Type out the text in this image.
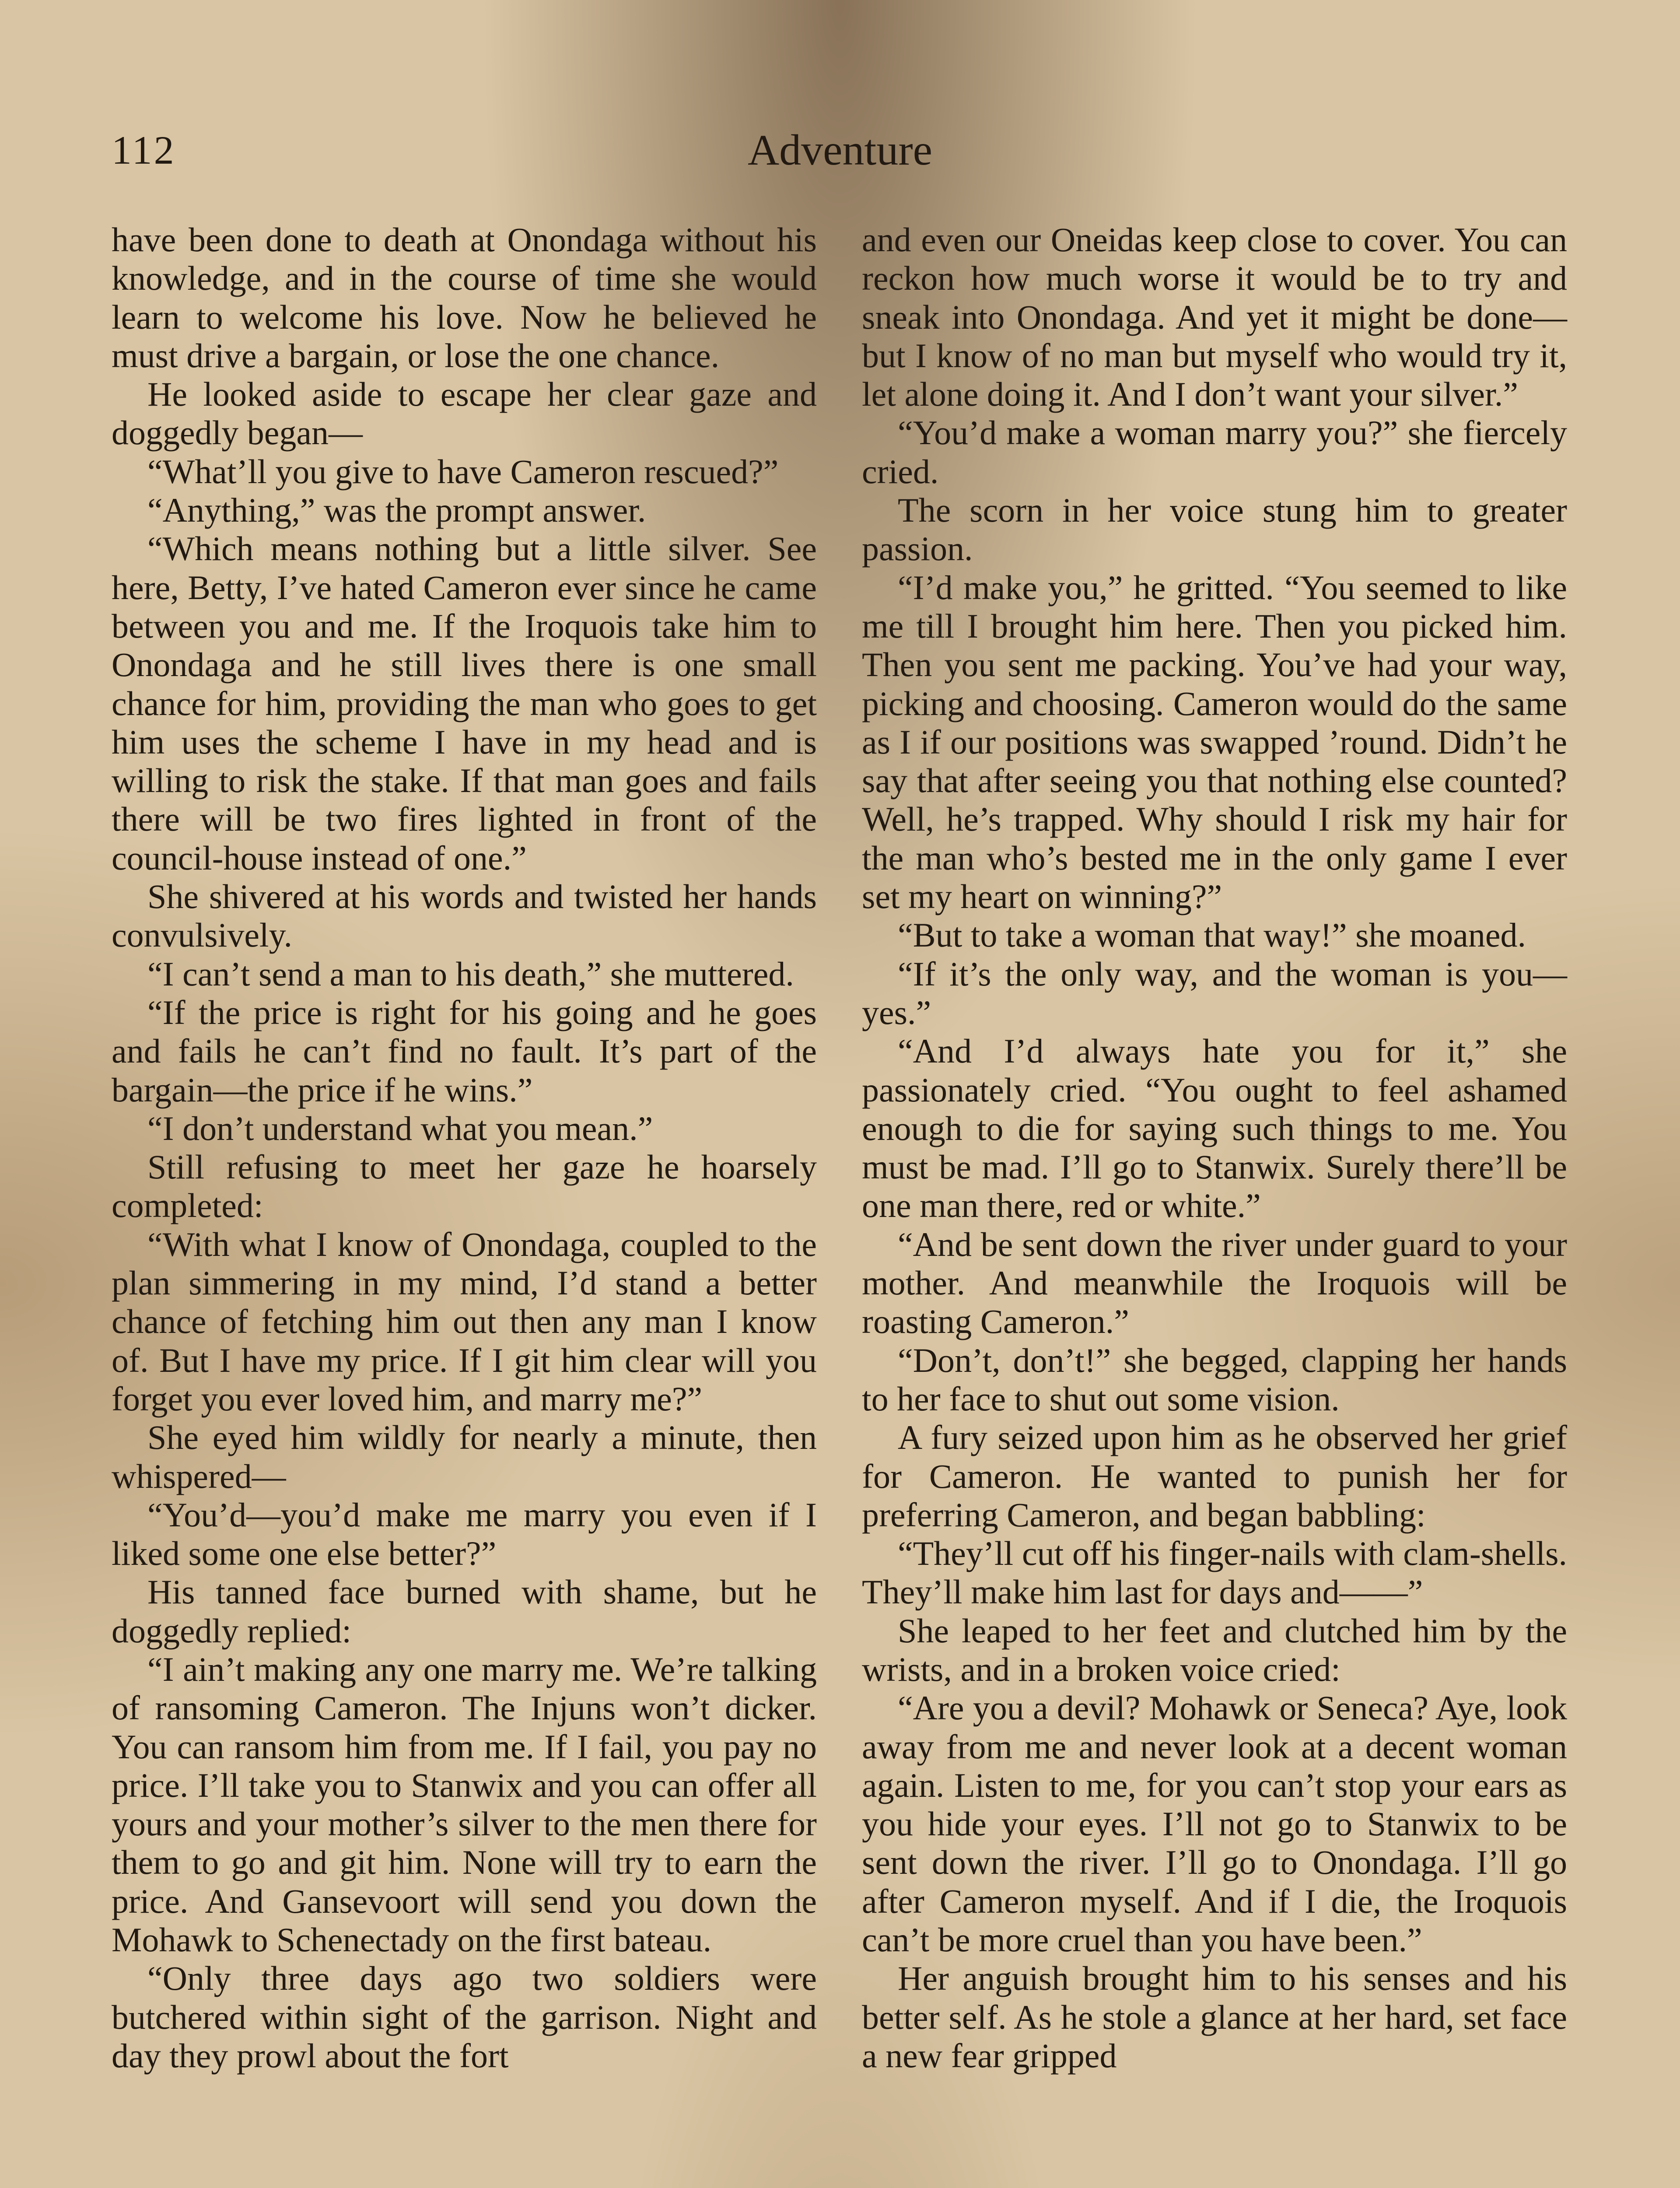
112	Adventure

have been done to death at Onondaga without his knowledge, and in the course of time she would learn to welcome his love. Now he believed he must drive a bargain, or lose the one chance.

He looked aside to escape her clear gaze and doggedly began—

“What’ll you give to have Cameron rescued?”

“Anything,” was the prompt answer.

“Which means nothing but a little silver. See here, Betty, I’ve hated Cameron ever since he came between you and me. If the Iroquois take him to Onondaga and he still lives there is one small chance for him, providing the man who goes to get him uses the scheme I have in my head and is willing to risk the stake. If that man goes and fails there will be two fires lighted in front of the council-house instead of one.”

She shivered at his words and twisted her hands convulsively.

“I can’t send a man to his death,” she muttered.

“If the price is right for his going and he goes and fails he can’t find no fault. It’s part of the bargain—the price if he wins.”

“I don’t understand what you mean.”

Still refusing to meet her gaze he hoarsely completed:

“With what I know of Onondaga, coupled to the plan simmering in my mind, I’d stand a better chance of fetching him out then any man I know of. But I have my price. If I git him clear will you forget you ever loved him, and marry me?”

She eyed him wildly for nearly a minute, then whispered—

“You’d—you’d make me marry you even if I liked some one else better?”

His tanned face burned with shame, but he doggedly replied:

“I ain’t making any one marry me. We’re talking of ransoming Cameron. The Injuns won’t dicker. You can ransom him from me. If I fail, you pay no price. I’ll take you to Stanwix and you can offer all yours and your mother’s silver to the men there for them to go and git him. None will try to earn the price. And Gansevoort will send you down the Mohawk to Schenectady on the first bateau.

“Only three days ago two soldiers were butchered within sight of the garrison. Night and day they prowl about the fort

and even our Oneidas keep close to cover. You can reckon how much worse it would be to try and sneak into Onondaga. And yet it might be done—but I know of no man but myself who would try it, let alone doing it. And I don’t want your silver.”

“You’d make a woman marry you?” she fiercely cried.

The scorn in her voice stung him to greater passion.

“I’d make you,” he gritted. “You seemed to like me till I brought him here. Then you picked him. Then you sent me packing. You’ve had your way, picking and choosing. Cameron would do the same as I if our positions was swapped ’round. Didn’t he say that after seeing you that nothing else counted? Well, he’s trapped. Why should I risk my hair for the man who’s bested me in the only game I ever set my heart on winning?”

“But to take a woman that way!” she moaned.

“If it’s the only way, and the woman is you—yes.”

“And I’d always hate you for it,” she passionately cried. “You ought to feel ashamed enough to die for saying such things to me. You must be mad. I’ll go to Stanwix. Surely there’ll be one man there, red or white.”

“And be sent down the river under guard to your mother. And meanwhile the Iroquois will be roasting Cameron.”

“Don’t, don’t!” she begged, clapping her hands to her face to shut out some vision.

A fury seized upon him as he observed her grief for Cameron. He wanted to punish her for preferring Cameron, and began babbling:

“They’ll cut off his finger-nails with clam-shells. They’ll make him last for days and——”

She leaped to her feet and clutched him by the wrists, and in a broken voice cried:

“Are you a devil? Mohawk or Seneca? Aye, look away from me and never look at a decent woman again. Listen to me, for you can’t stop your ears as you hide your eyes. I’ll not go to Stanwix to be sent down the river. I’ll go to Onondaga. I’ll go after Cameron myself. And if I die, the Iroquois can’t be more cruel than you have been.”

Her anguish brought him to his senses and his better self. As he stole a glance at her hard, set face a new fear gripped
